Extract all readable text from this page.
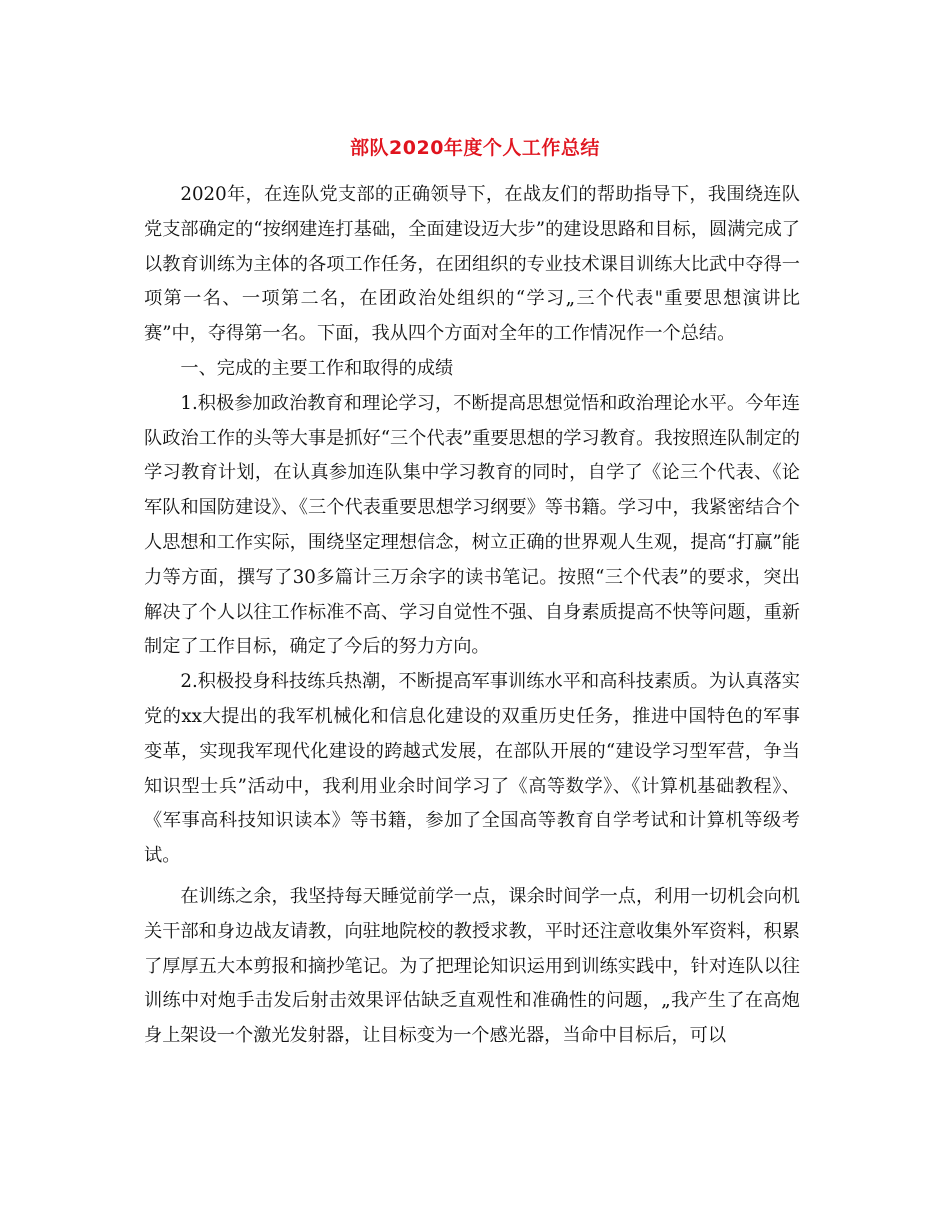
部队2020年度个人工作总结

2020年，在连队党支部的正确领导下，在战友们的帮助指导下，我围绕连队党支部确定的“按纲建连打基础，全面建设迈大步”的建设思路和目标，圆满完成了以教育训练为主体的各项工作任务，在团组织的专业技术课目训练大比武中夺得一项第一名、一项第二名，在团政治处组织的“学习„三个代表"重要思想演讲比赛”中，夺得第一名。下面，我从四个方面对全年的工作情况作一个总结。

一、完成的主要工作和取得的成绩

1.积极参加政治教育和理论学习，不断提高思想觉悟和政治理论水平。今年连队政治工作的头等大事是抓好“三个代表”重要思想的学习教育。我按照连队制定的学习教育计划，在认真参加连队集中学习教育的同时，自学了《论三个代表、《论军队和国防建设》、《三个代表重要思想学习纲要》等书籍。学习中，我紧密结合个人思想和工作实际，围绕坚定理想信念，树立正确的世界观人生观，提高“打赢”能力等方面，撰写了30多篇计三万余字的读书笔记。按照“三个代表”的要求，突出解决了个人以往工作标准不高、学习自觉性不强、自身素质提高不快等问题，重新制定了工作目标，确定了今后的努力方向。

2.积极投身科技练兵热潮，不断提高军事训练水平和高科技素质。为认真落实党的xx大提出的我军机械化和信息化建设的双重历史任务，推进中国特色的军事变革，实现我军现代化建设的跨越式发展，在部队开展的“建设学习型军营，争当知识型士兵”活动中，我利用业余时间学习了《高等数学》、《计算机基础教程》、《军事高科技知识读本》等书籍，参加了全国高等教育自学考试和计算机等级考试。

在训练之余，我坚持每天睡觉前学一点，课余时间学一点，利用一切机会向机关干部和身边战友请教，向驻地院校的教授求教，平时还注意收集外军资料，积累了厚厚五大本剪报和摘抄笔记。为了把理论知识运用到训练实践中，针对连队以往训练中对炮手击发后射击效果评估缺乏直观性和准确性的问题，„我产生了在高炮身上架设一个激光发射器，让目标变为一个感光器，当命中目标后，可以
